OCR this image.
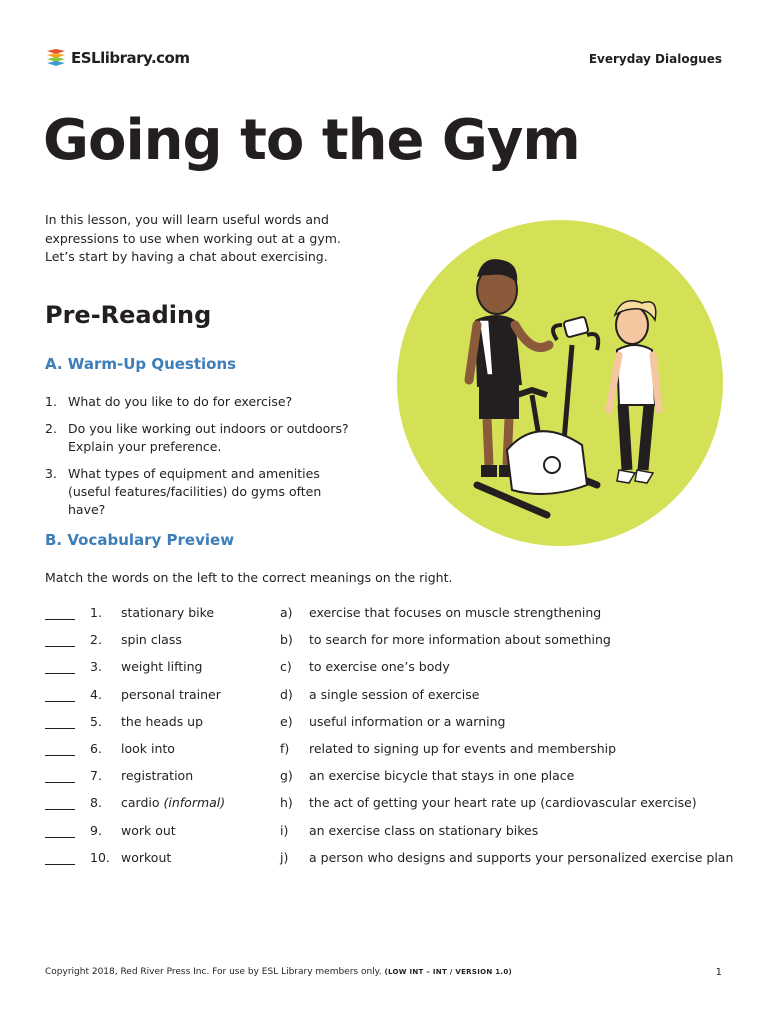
ESLlibrary.com	Everyday Dialogues
Going to the Gym

In this lesson, you will learn useful words and expressions to use when working out at a gym. Let’s start by having a chat about exercising.

Pre-Reading
A. Warm-Up Questions
1. What do you like to do for exercise?
2. Do you like working out indoors or outdoors? Explain your preference.
3. What types of equipment and amenities (useful features/facilities) do gyms often have?
B. Vocabulary Preview

Match the words on the left to the correct meanings on the right.

1. stationary bike	a) exercise that focuses on muscle strengthening
2. spin class	b) to search for more information about something
3. weight lifting	c) to exercise one’s body
4. personal trainer	d) a single session of exercise
5. the heads up	e) useful information or a warning
6. look into	f) related to signing up for events and membership
7. registration	g) an exercise bicycle that stays in one place
8. cardio (informal)	h) the act of getting your heart rate up (cardiovascular exercise)
9. work out	i) an exercise class on stationary bikes
10. workout	j) a person who designs and supports your personalized exercise plan
Copyright 2018, Red River Press Inc. For use by ESL Library members only. (LOW INT – INT / VERSION 1.0)	1
